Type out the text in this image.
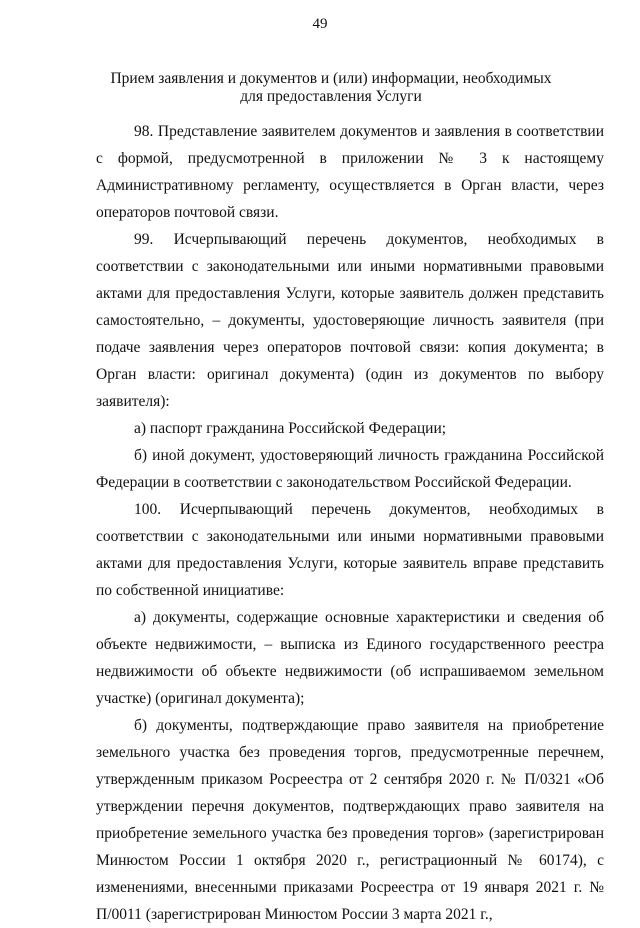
49
Прием заявления и документов и (или) информации, необходимых
для предоставления Услуги

98. Представление заявителем документов и заявления в соответствии с формой, предусмотренной в приложении № 3 к настоящему Административному регламенту, осуществляется в Орган власти, через операторов почтовой связи.

99. Исчерпывающий перечень документов, необходимых в соответствии с законодательными или иными нормативными правовыми актами для предоставления Услуги, которые заявитель должен представить самостоятельно, – документы, удостоверяющие личность заявителя (при подаче заявления через операторов почтовой связи: копия документа; в Орган власти: оригинал документа) (один из документов по выбору заявителя):

а) паспорт гражданина Российской Федерации;

б) иной документ, удостоверяющий личность гражданина Российской Федерации в соответствии с законодательством Российской Федерации.

100. Исчерпывающий перечень документов, необходимых в соответствии с законодательными или иными нормативными правовыми актами для предоставления Услуги, которые заявитель вправе представить по собственной инициативе:

а) документы, содержащие основные характеристики и сведения об объекте недвижимости, – выписка из Единого государственного реестра недвижимости об объекте недвижимости (об испрашиваемом земельном участке) (оригинал документа);

б) документы, подтверждающие право заявителя на приобретение земельного участка без проведения торгов, предусмотренные перечнем, утвержденным приказом Росреестра от 2 сентября 2020 г. № П/0321 «Об утверждении перечня документов, подтверждающих право заявителя на приобретение земельного участка без проведения торгов» (зарегистрирован Минюстом России 1 октября 2020 г., регистрационный № 60174), с изменениями, внесенными приказами Росреестра от 19 января 2021 г. № П/0011 (зарегистрирован Минюстом России 3 марта 2021 г.,
